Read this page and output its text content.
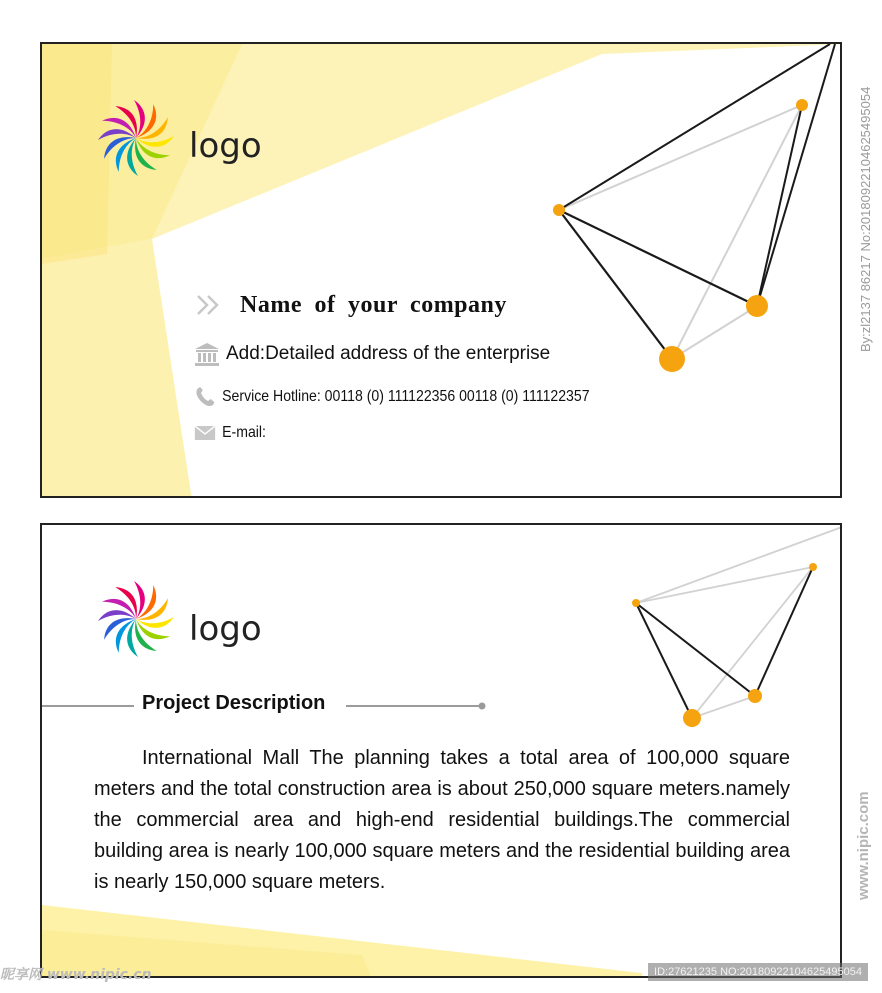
logo
Name of your company
Add:Detailed address of the enterprise
Service Hotline: 00118 (0) 111122356 00118 (0) 111122357
E-mail:
logo
Project Description
International Mall The planning takes a total area of 100,000 square meters and the total construction area is about 250,000 square meters.namely the commercial area and high-end residential buildings.The commercial building area is nearly 100,000 square meters and the residential building area is nearly 150,000 square meters.
By:zl2137 86217 No:20180922104625495054
www.nipic.com
昵享网 www.nipic.cn	ID:27621235 NO:20180922104625495054
